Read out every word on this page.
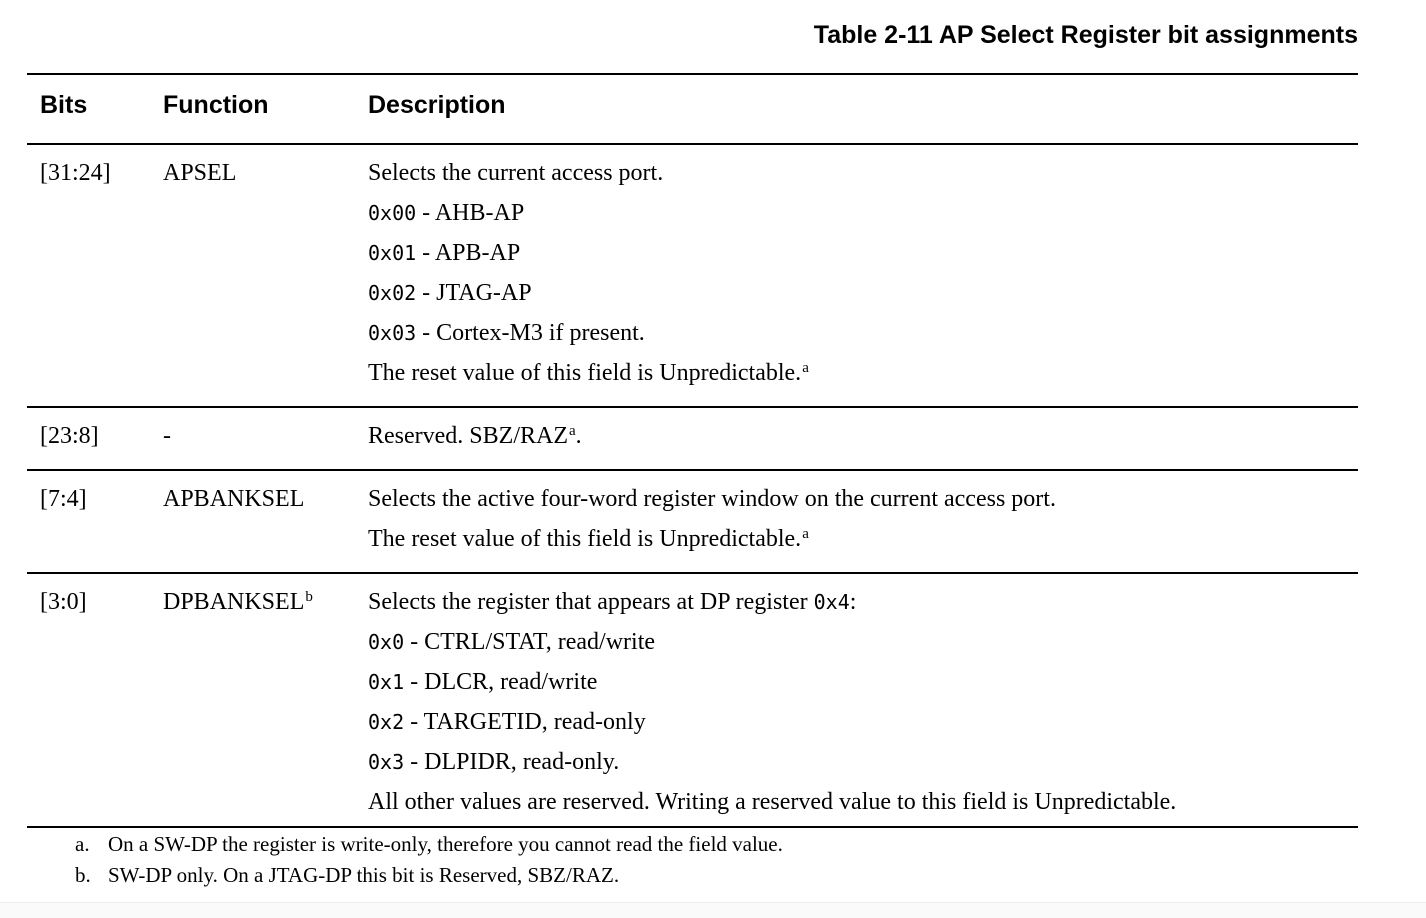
Table 2-11 AP Select Register bit assignments
Bits	Function	Description
[31:24]	APSEL	Selects the current access port.
0x00 - AHB-AP
0x01 - APB-AP
0x02 - JTAG-AP
0x03 - Cortex-M3 if present.
The reset value of this field is Unpredictable.$^a$

[23:8]	-	Reserved. SBZ/RAZ$^a$.

[7:4]	APBANKSEL	Selects the active four-word register window on the current access port.
The reset value of this field is Unpredictable.$^a$

[3:0]	DPBANKSEL$^b$	Selects the register that appears at DP register 0x4:
0x0 - CTRL/STAT, read/write
0x1 - DLCR, read/write
0x2 - TARGETID, read-only
0x3 - DLPIDR, read-only.
All other values are reserved. Writing a reserved value to this field is Unpredictable.
a. On a SW-DP the register is write-only, therefore you cannot read the field value.
b. SW-DP only. On a JTAG-DP this bit is Reserved, SBZ/RAZ.
